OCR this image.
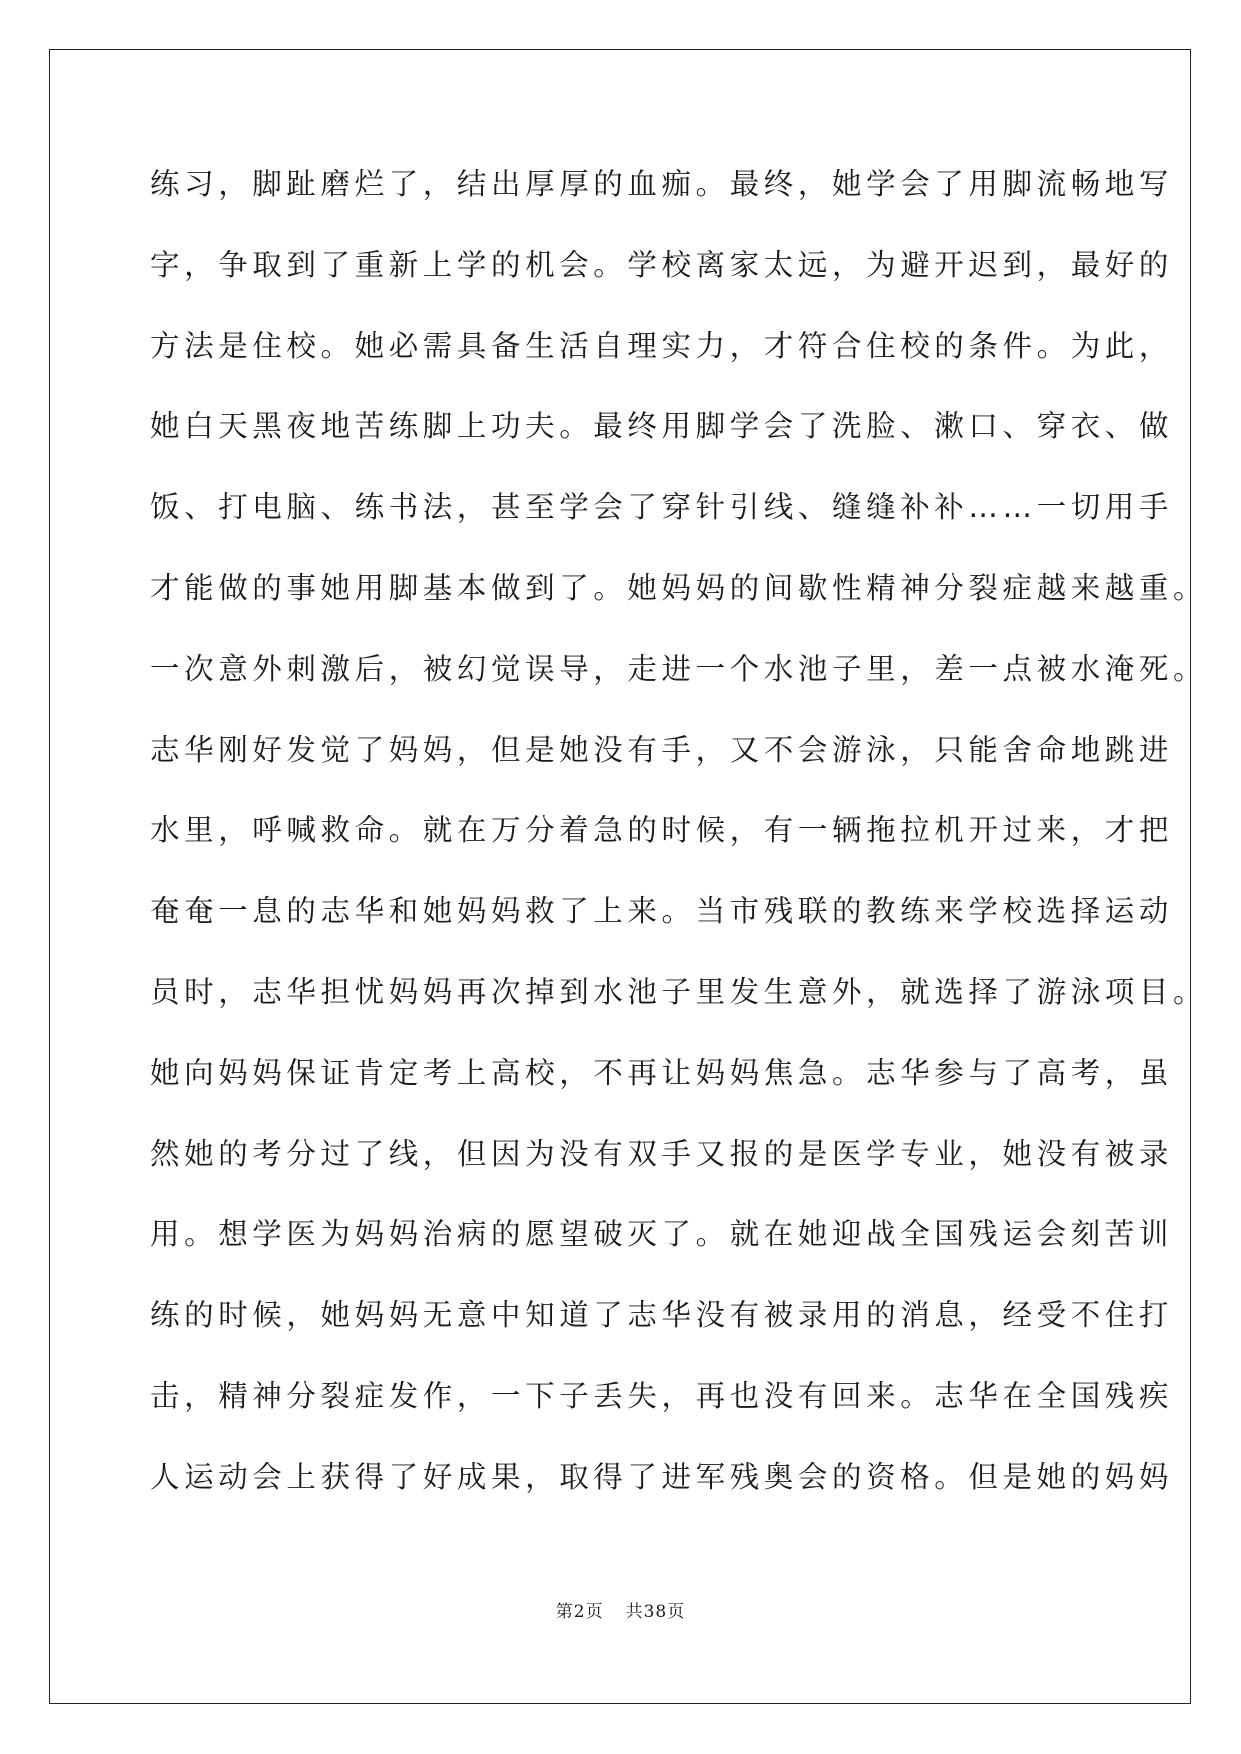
练习，脚趾磨烂了，结出厚厚的血痂。最终，她学会了用脚流畅地写
字，争取到了重新上学的机会。学校离家太远，为避开迟到，最好的
方法是住校。她必需具备生活自理实力，才符合住校的条件。为此，
她白天黑夜地苦练脚上功夫。最终用脚学会了洗脸、漱口、穿衣、做
饭、打电脑、练书法，甚至学会了穿针引线、缝缝补补……一切用手
才能做的事她用脚基本做到了。她妈妈的间歇性精神分裂症越来越重。
一次意外刺激后，被幻觉误导，走进一个水池子里，差一点被水淹死。
志华刚好发觉了妈妈，但是她没有手，又不会游泳，只能舍命地跳进
水里，呼喊救命。就在万分着急的时候，有一辆拖拉机开过来，才把
奄奄一息的志华和她妈妈救了上来。当市残联的教练来学校选择运动
员时，志华担忧妈妈再次掉到水池子里发生意外，就选择了游泳项目。
她向妈妈保证肯定考上高校，不再让妈妈焦急。志华参与了高考，虽
然她的考分过了线，但因为没有双手又报的是医学专业，她没有被录
用。想学医为妈妈治病的愿望破灭了。就在她迎战全国残运会刻苦训
练的时候，她妈妈无意中知道了志华没有被录用的消息，经受不住打
击，精神分裂症发作，一下子丢失，再也没有回来。志华在全国残疾
人运动会上获得了好成果，取得了进军残奥会的资格。但是她的妈妈
第2页 共38页
